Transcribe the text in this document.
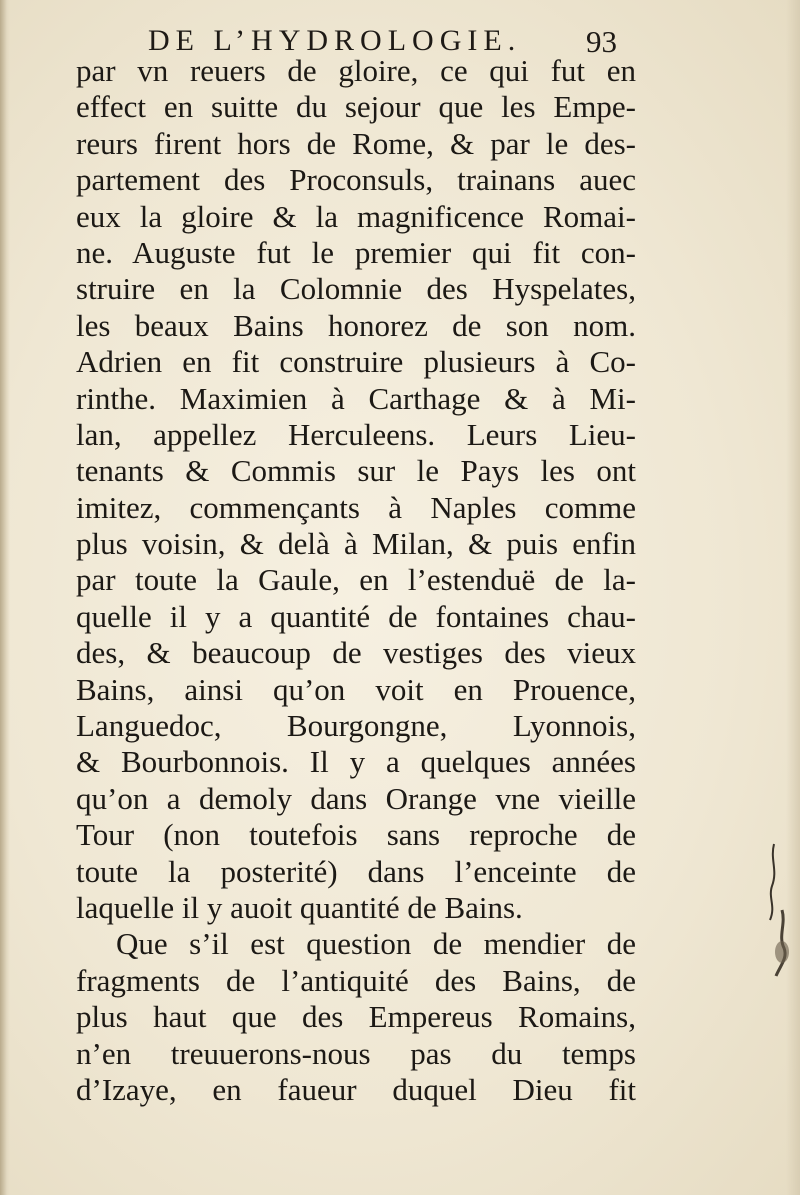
DE L’HYDROLOGIE. 93
par vn reuers de gloire, ce qui fut en
effect en suitte du sejour que les Empe-
reurs firent hors de Rome, & par le des-
partement des Proconsuls, trainans auec
eux la gloire & la magnificence Romai-
ne. Auguste fut le premier qui fit con-
struire en la Colomnie des Hyspelates,
les beaux Bains honorez de son nom.
Adrien en fit construire plusieurs à Co-
rinthe. Maximien à Carthage & à Mi-
lan, appellez Herculeens. Leurs Lieu-
tenants & Commis sur le Pays les ont
imitez, commençants à Naples comme
plus voisin, & delà à Milan, & puis enfin
par toute la Gaule, en l’estenduë de la-
quelle il y a quantité de fontaines chau-
des, & beaucoup de vestiges des vieux
Bains, ainsi qu’on voit en Prouence,
Languedoc, Bourgongne, Lyonnois,
& Bourbonnois. Il y a quelques années
qu’on a demoly dans Orange vne vieille
Tour (non toutefois sans reproche de
toute la posterité) dans l’enceinte de
laquelle il y auoit quantité de Bains.
Que s’il est question de mendier de
fragments de l’antiquité des Bains, de
plus haut que des Empereus Romains,
n’en treuuerons-nous pas du temps
d’Izaye, en faueur duquel Dieu fit
